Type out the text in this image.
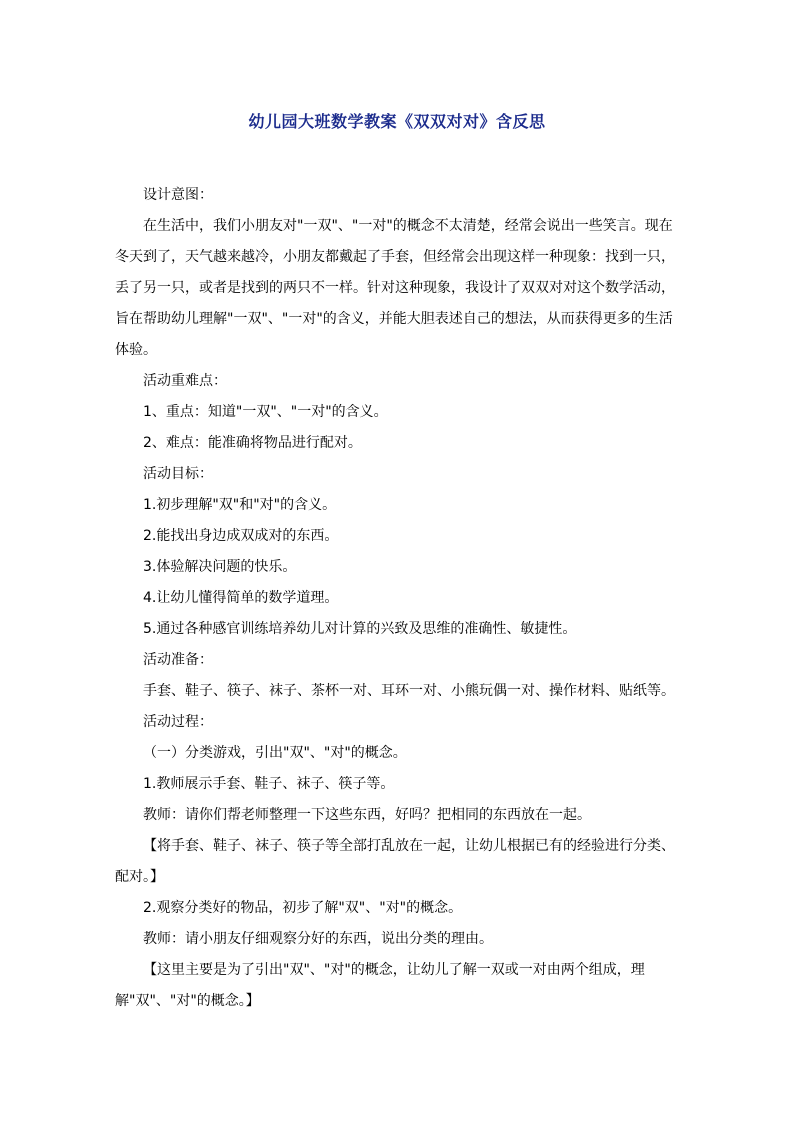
幼儿园大班数学教案《双双对对》含反思

设计意图：

在生活中，我们小朋友对"一双"、"一对"的概念不太清楚，经常会说出一些笑言。现在冬天到了，天气越来越冷，小朋友都戴起了手套，但经常会出现这样一种现象：找到一只，丢了另一只，或者是找到的两只不一样。针对这种现象，我设计了双双对对这个数学活动，旨在帮助幼儿理解"一双"、"一对"的含义，并能大胆表述自己的想法，从而获得更多的生活体验。

活动重难点：

1、重点：知道"一双"、"一对"的含义。

2、难点：能准确将物品进行配对。

活动目标：

1.初步理解"双"和"对"的含义。

2.能找出身边成双成对的东西。

3.体验解决问题的快乐。

4.让幼儿懂得简单的数学道理。

5.通过各种感官训练培养幼儿对计算的兴致及思维的准确性、敏捷性。

活动准备：

手套、鞋子、筷子、袜子、茶杯一对、耳环一对、小熊玩偶一对、操作材料、贴纸等。

活动过程：

（一）分类游戏，引出"双"、"对"的概念。

1.教师展示手套、鞋子、袜子、筷子等。

教师：请你们帮老师整理一下这些东西，好吗？把相同的东西放在一起。

【将手套、鞋子、袜子、筷子等全部打乱放在一起，让幼儿根据已有的经验进行分类、配对。】

2.观察分类好的物品，初步了解"双"、"对"的概念。

教师：请小朋友仔细观察分好的东西，说出分类的理由。

【这里主要是为了引出"双"、"对"的概念，让幼儿了解一双或一对由两个组成，理解"双"、"对"的概念。】
